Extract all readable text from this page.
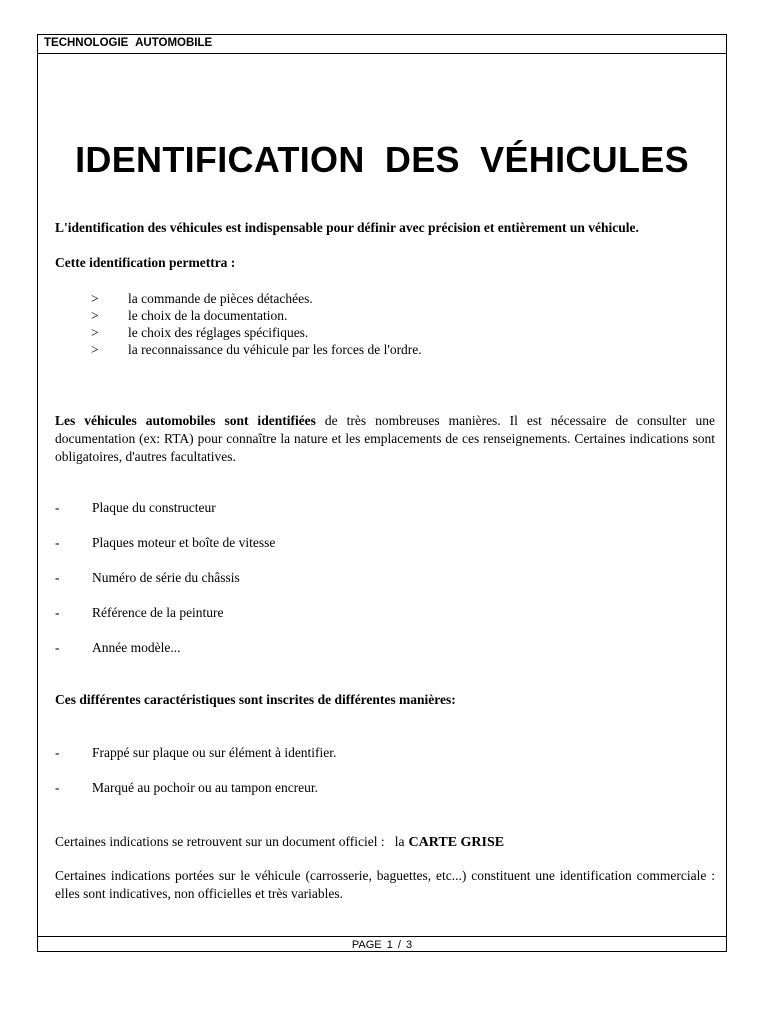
TECHNOLOGIE AUTOMOBILE
IDENTIFICATION DES VÉHICULES
L'identification des véhicules est indispensable pour définir avec précision et entièrement un véhicule.
Cette identification permettra :
>	la commande de pièces détachées.
>	le choix de la documentation.
>	le choix des réglages spécifiques.
>	la reconnaissance du véhicule par les forces de l'ordre.
Les véhicules automobiles sont identifiées de très nombreuses manières. Il est nécessaire de consulter une documentation (ex: RTA) pour connaître la nature et les emplacements de ces renseignements. Certaines indications sont obligatoires, d'autres facultatives.
- Plaque du constructeur
- Plaques moteur et boîte de vitesse
- Numéro de série du châssis
- Référence de la peinture
- Année modèle...
Ces différentes caractéristiques sont inscrites de différentes manières:
- Frappé sur plaque ou sur élément à identifier.
- Marqué au pochoir ou au tampon encreur.
Certaines indications se retrouvent sur un document officiel :   la CARTE GRISE
Certaines indications portées sur le véhicule (carrosserie, baguettes, etc...) constituent une identification commerciale : elles sont indicatives, non officielles et très variables.
PAGE 1 / 3
